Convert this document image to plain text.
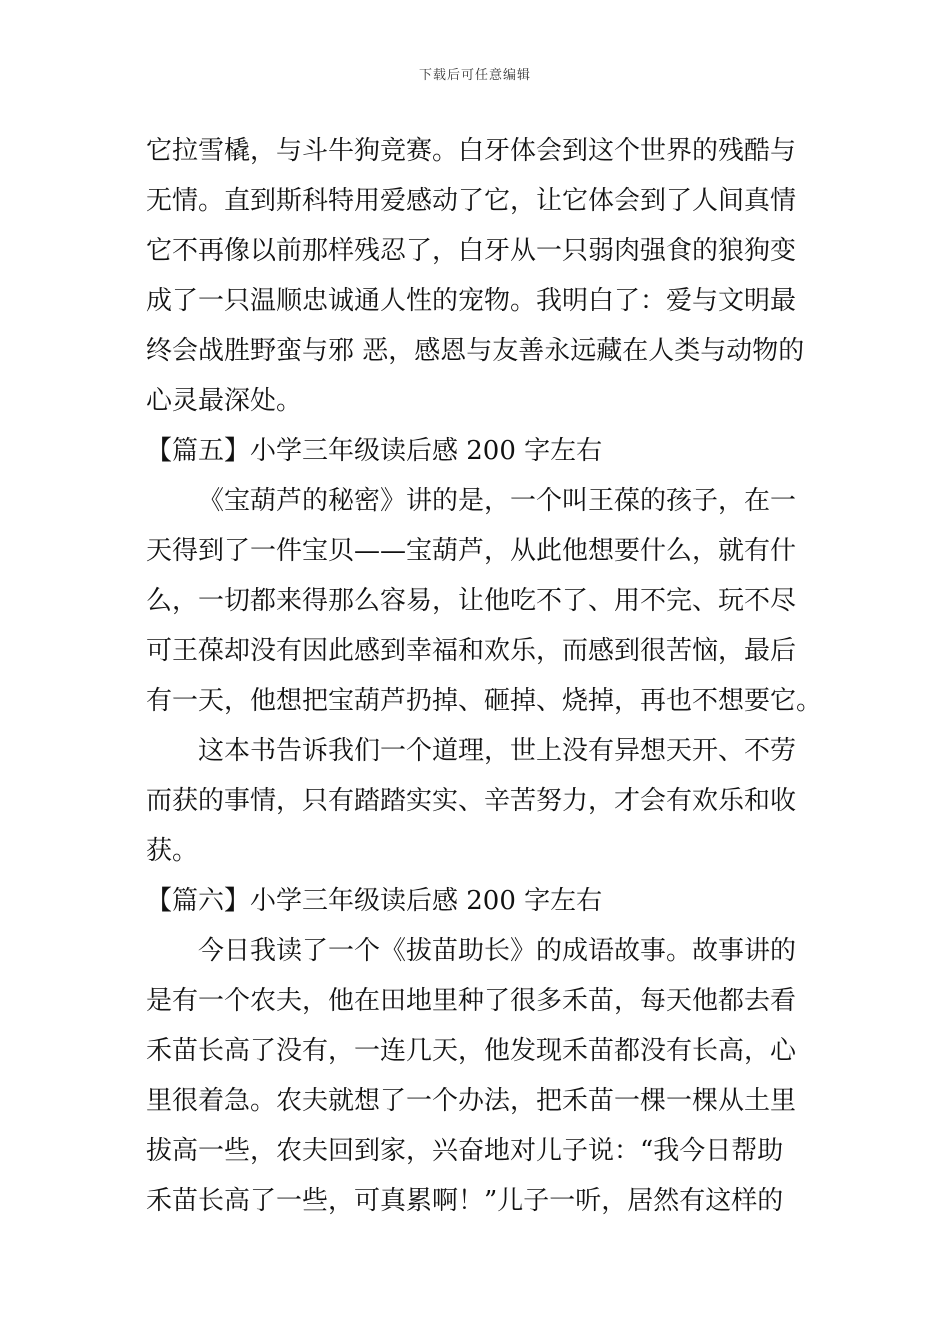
下载后可任意编辑
它拉雪橇，与斗牛狗竞赛。白牙体会到这个世界的残酷与
无情。直到斯科特用爱感动了它，让它体会到了人间真情
它不再像以前那样残忍了，白牙从一只弱肉强食的狼狗变
成了一只温顺忠诚通人性的宠物。我明白了：爱与文明最
终会战胜野蛮与邪 恶，感恩与友善永远藏在人类与动物的
心灵最深处。
【篇五】小学三年级读后感 200 字左右
《宝葫芦的秘密》讲的是，一个叫王葆的孩子，在一
天得到了一件宝贝——宝葫芦，从此他想要什么，就有什
么，一切都来得那么容易，让他吃不了、用不完、玩不尽
可王葆却没有因此感到幸福和欢乐，而感到很苦恼，最后
有一天，他想把宝葫芦扔掉、砸掉、烧掉，再也不想要它。
这本书告诉我们一个道理，世上没有异想天开、不劳
而获的事情，只有踏踏实实、辛苦努力，才会有欢乐和收
获。
【篇六】小学三年级读后感 200 字左右
今日我读了一个《拔苗助长》的成语故事。故事讲的
是有一个农夫，他在田地里种了很多禾苗，每天他都去看
禾苗长高了没有，一连几天，他发现禾苗都没有长高，心
里很着急。农夫就想了一个办法，把禾苗一棵一棵从土里
拔高一些，农夫回到家，兴奋地对儿子说：“我今日帮助
禾苗长高了一些，可真累啊！”儿子一听，居然有这样的
